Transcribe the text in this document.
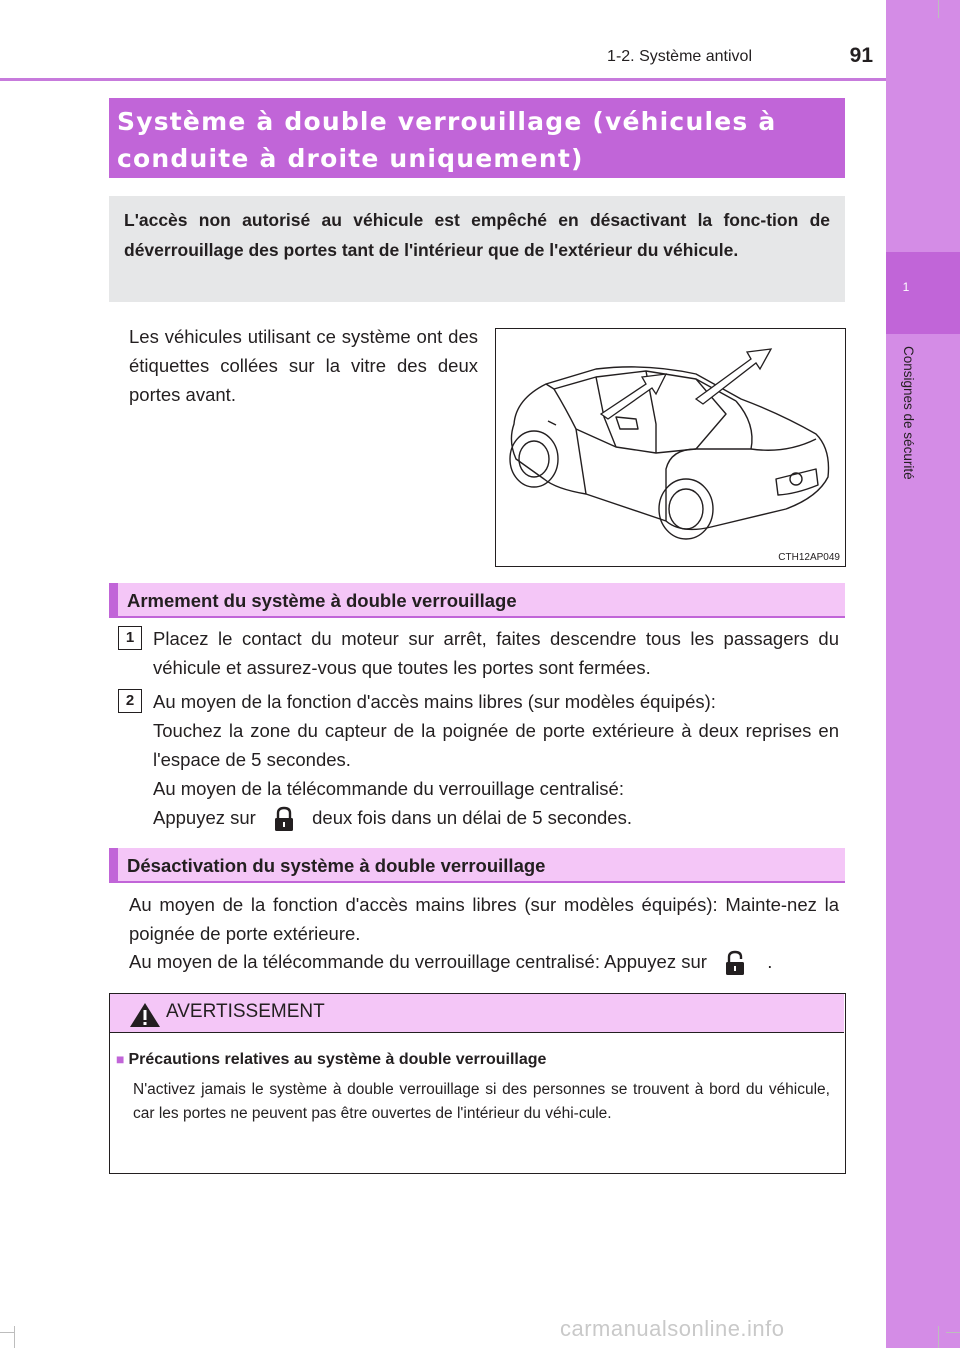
1-2. Système antivol	91
1
Consignes de sécurité
Système à double verrouillage (véhicules à conduite à droite uniquement)

L'accès non autorisé au véhicule est empêché en désactivant la fonc-tion de déverrouillage des portes tant de l'intérieur que de l'extérieur du véhicule.

Les véhicules utilisant ce système ont des étiquettes collées sur la vitre des deux portes avant.

CTH12AP049
Armement du système à double verrouillage
1	Placez le contact du moteur sur arrêt, faites descendre tous les passagers du véhicule et assurez-vous que toutes les portes sont fermées.

2	Au moyen de la fonction d'accès mains libres (sur modèles équipés):

Touchez la zone du capteur de la poignée de porte extérieure à deux reprises en l'espace de 5 secondes.

Au moyen de la télécommande du verrouillage centralisé:

Appuyez sur	deux fois dans un délai de 5 secondes.

Désactivation du système à double verrouillage

Au moyen de la fonction d'accès mains libres (sur modèles équipés): Mainte-nez la poignée de porte extérieure.

Au moyen de la télécommande du verrouillage centralisé: Appuyez sur	.

AVERTISSEMENT

■ Précautions relatives au système à double verrouillage

N'activez jamais le système à double verrouillage si des personnes se trouvent à bord du véhicule, car les portes ne peuvent pas être ouvertes de l'intérieur du véhi-cule.

carmanualsonline.info
